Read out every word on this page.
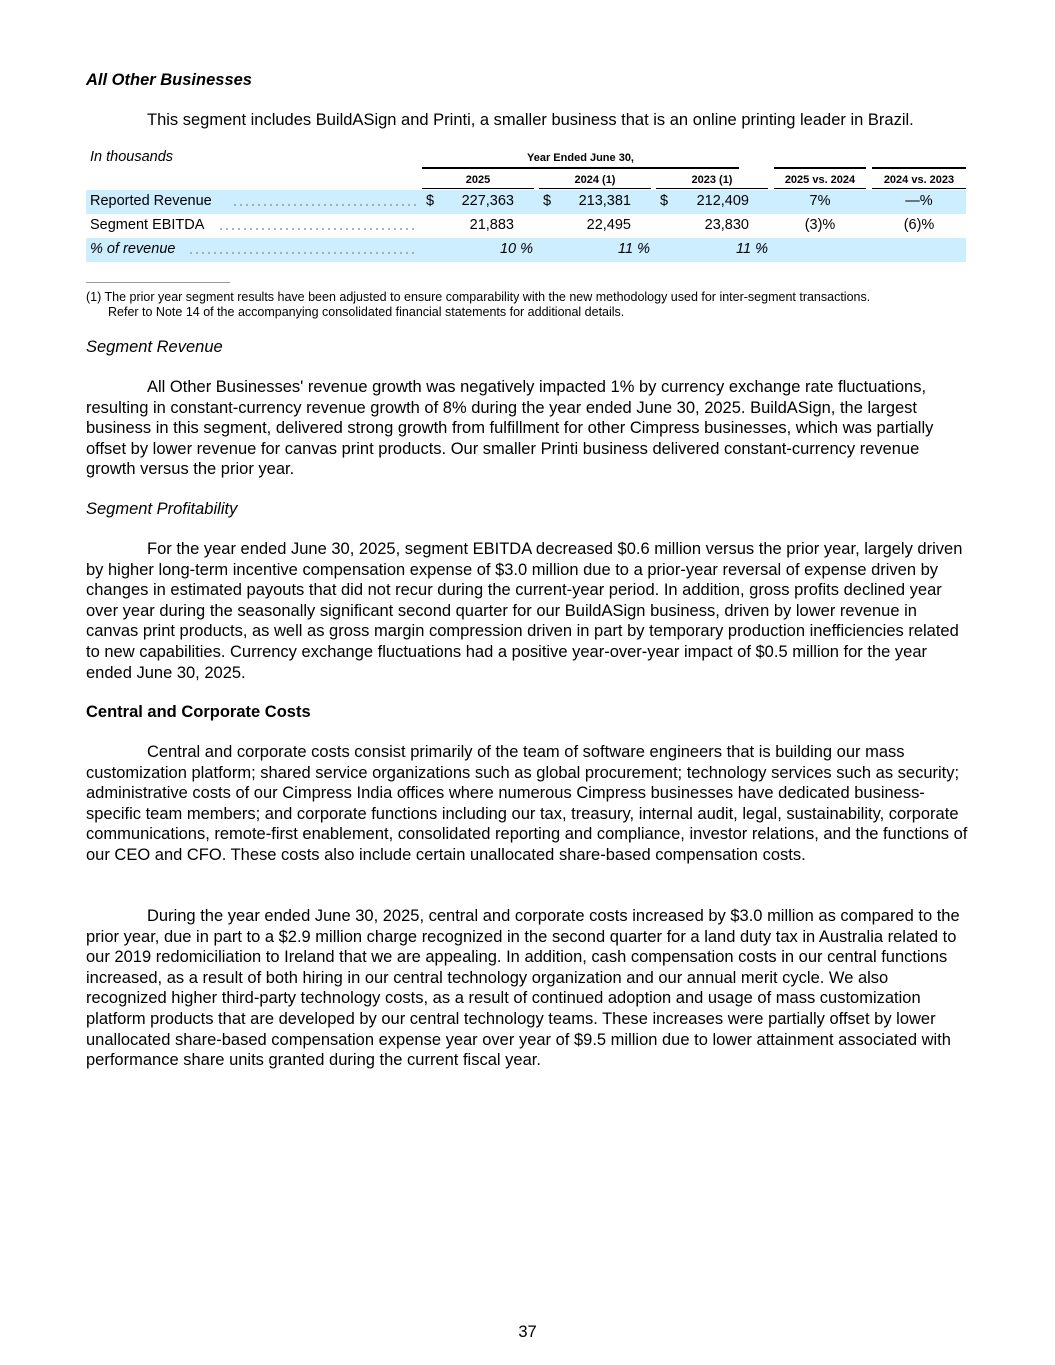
All Other Businesses

This segment includes BuildASign and Printi, a smaller business that is an online printing leader in Brazil.

In thousands	Year Ended June 30,
2025	2024 (1)	2023 (1)	2025 vs. 2024	2024 vs. 2023
Reported Revenue	$	227,363 $	213,381 $	212,409	7%	—%
Segment EBITDA	21,883	22,495	23,830	(3)%	(6)%
% of revenue	10 %	11 %	11 %

(1) The prior year segment results have been adjusted to ensure comparability with the new methodology used for inter-segment transactions.
Refer to Note 14 of the accompanying consolidated financial statements for additional details.

Segment Revenue

All Other Businesses' revenue growth was negatively impacted 1% by currency exchange rate fluctuations, resulting in constant-currency revenue growth of 8% during the year ended June 30, 2025. BuildASign, the largest business in this segment, delivered strong growth from fulfillment for other Cimpress businesses, which was partially offset by lower revenue for canvas print products. Our smaller Printi business delivered constant-currency revenue growth versus the prior year.

Segment Profitability

For the year ended June 30, 2025, segment EBITDA decreased $0.6 million versus the prior year, largely driven by higher long-term incentive compensation expense of $3.0 million due to a prior-year reversal of expense driven by changes in estimated payouts that did not recur during the current-year period. In addition, gross profits declined year over year during the seasonally significant second quarter for our BuildASign business, driven by lower revenue in canvas print products, as well as gross margin compression driven in part by temporary production inefficiencies related to new capabilities. Currency exchange fluctuations had a positive year-over-year impact of $0.5 million for the year ended June 30, 2025.

Central and Corporate Costs

Central and corporate costs consist primarily of the team of software engineers that is building our mass customization platform; shared service organizations such as global procurement; technology services such as security; administrative costs of our Cimpress India offices where numerous Cimpress businesses have dedicated business-specific team members; and corporate functions including our tax, treasury, internal audit, legal, sustainability, corporate communications, remote-first enablement, consolidated reporting and compliance, investor relations, and the functions of our CEO and CFO. These costs also include certain unallocated share-based compensation costs.

During the year ended June 30, 2025, central and corporate costs increased by $3.0 million as compared to the prior year, due in part to a $2.9 million charge recognized in the second quarter for a land duty tax in Australia related to our 2019 redomiciliation to Ireland that we are appealing. In addition, cash compensation costs in our central functions increased, as a result of both hiring in our central technology organization and our annual merit cycle. We also recognized higher third-party technology costs, as a result of continued adoption and usage of mass customization platform products that are developed by our central technology teams. These increases were partially offset by lower unallocated share-based compensation expense year over year of $9.5 million due to lower attainment associated with performance share units granted during the current fiscal year.

37
